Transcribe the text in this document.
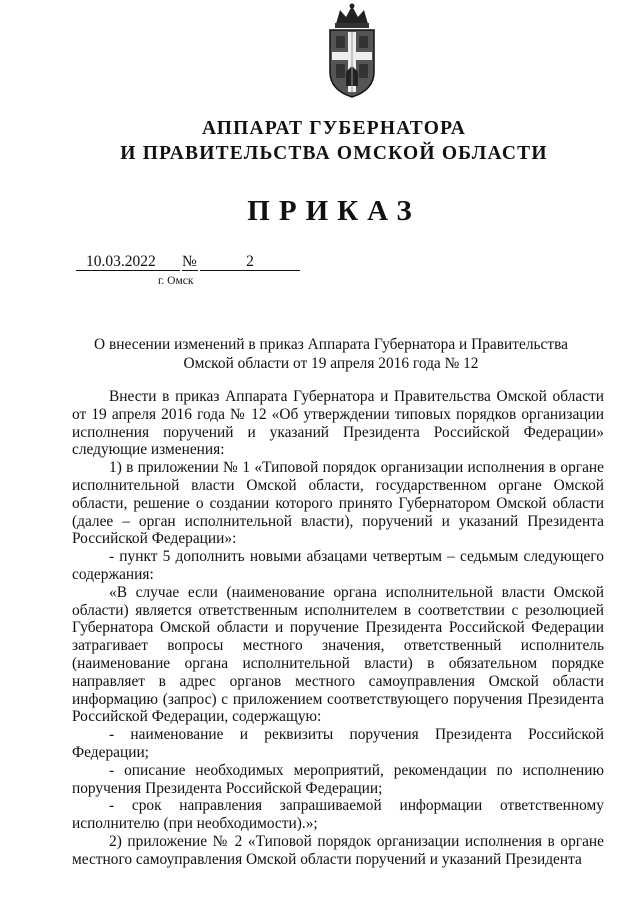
АППАРАТ ГУБЕРНАТОРА
И ПРАВИТЕЛЬСТВА ОМСКОЙ ОБЛАСТИ
ПРИКАЗ
10.03.2022 №	2
г. Омск
О внесении изменений в приказ Аппарата Губернатора и Правительства
Омской области от 19 апреля 2016 года № 12

Внести в приказ Аппарата Губернатора и Правительства Омской области от 19 апреля 2016 года № 12 «Об утверждении типовых порядков организации исполнения поручений и указаний Президента Российской Федерации» следующие изменения:

1) в приложении № 1 «Типовой порядок организации исполнения в органе исполнительной власти Омской области, государственном органе Омской области, решение о создании которого принято Губернатором Омской области (далее – орган исполнительной власти), поручений и указаний Президента Российской Федерации»:

- пункт 5 дополнить новыми абзацами четвертым – седьмым следующего содержания:

«В случае если (наименование органа исполнительной власти Омской области) является ответственным исполнителем в соответствии с резолюцией Губернатора Омской области и поручение Президента Российской Федерации затрагивает вопросы местного значения, ответственный исполнитель (наименование органа исполнительной власти) в обязательном порядке направляет в адрес органов местного самоуправления Омской области информацию (запрос) с приложением соответствующего поручения Президента Российской Федерации, содержащую:

- наименование и реквизиты поручения Президента Российской Федерации;

- описание необходимых мероприятий, рекомендации по исполнению поручения Президента Российской Федерации;

- срок направления запрашиваемой информации ответственному исполнителю (при необходимости).»;

2) приложение № 2 «Типовой порядок организации исполнения в органе местного самоуправления Омской области поручений и указаний Президента
